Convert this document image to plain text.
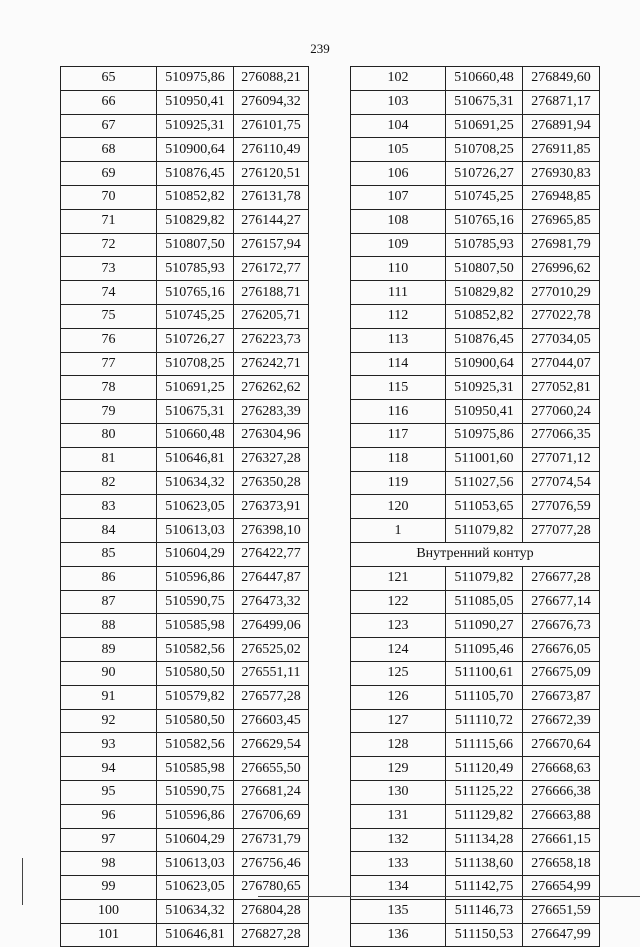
239
65	510975,86	276088,21
66	510950,41	276094,32
67	510925,31	276101,75
68	510900,64	276110,49
69	510876,45	276120,51
70	510852,82	276131,78
71	510829,82	276144,27
72	510807,50	276157,94
73	510785,93	276172,77
74	510765,16	276188,71
75	510745,25	276205,71
76	510726,27	276223,73
77	510708,25	276242,71
78	510691,25	276262,62
79	510675,31	276283,39
80	510660,48	276304,96
81	510646,81	276327,28
82	510634,32	276350,28
83	510623,05	276373,91
84	510613,03	276398,10
85	510604,29	276422,77
86	510596,86	276447,87
87	510590,75	276473,32
88	510585,98	276499,06
89	510582,56	276525,02
90	510580,50	276551,11
91	510579,82	276577,28
92	510580,50	276603,45
93	510582,56	276629,54
94	510585,98	276655,50
95	510590,75	276681,24
96	510596,86	276706,69
97	510604,29	276731,79
98	510613,03	276756,46
99	510623,05	276780,65
100	510634,32	276804,28
101	510646,81	276827,28
102	510660,48	276849,60
103	510675,31	276871,17
104	510691,25	276891,94
105	510708,25	276911,85
106	510726,27	276930,83
107	510745,25	276948,85
108	510765,16	276965,85
109	510785,93	276981,79
110	510807,50	276996,62
111	510829,82	277010,29
112	510852,82	277022,78
113	510876,45	277034,05
114	510900,64	277044,07
115	510925,31	277052,81
116	510950,41	277060,24
117	510975,86	277066,35
118	511001,60	277071,12
119	511027,56	277074,54
120	511053,65	277076,59
1	511079,82	277077,28
Внутренний контур		
121	511079,82	276677,28
122	511085,05	276677,14
123	511090,27	276676,73
124	511095,46	276676,05
125	511100,61	276675,09
126	511105,70	276673,87
127	511110,72	276672,39
128	511115,66	276670,64
129	511120,49	276668,63
130	511125,22	276666,38
131	511129,82	276663,88
132	511134,28	276661,15
133	511138,60	276658,18
134	511142,75	276654,99
135	511146,73	276651,59
136	511150,53	276647,99
